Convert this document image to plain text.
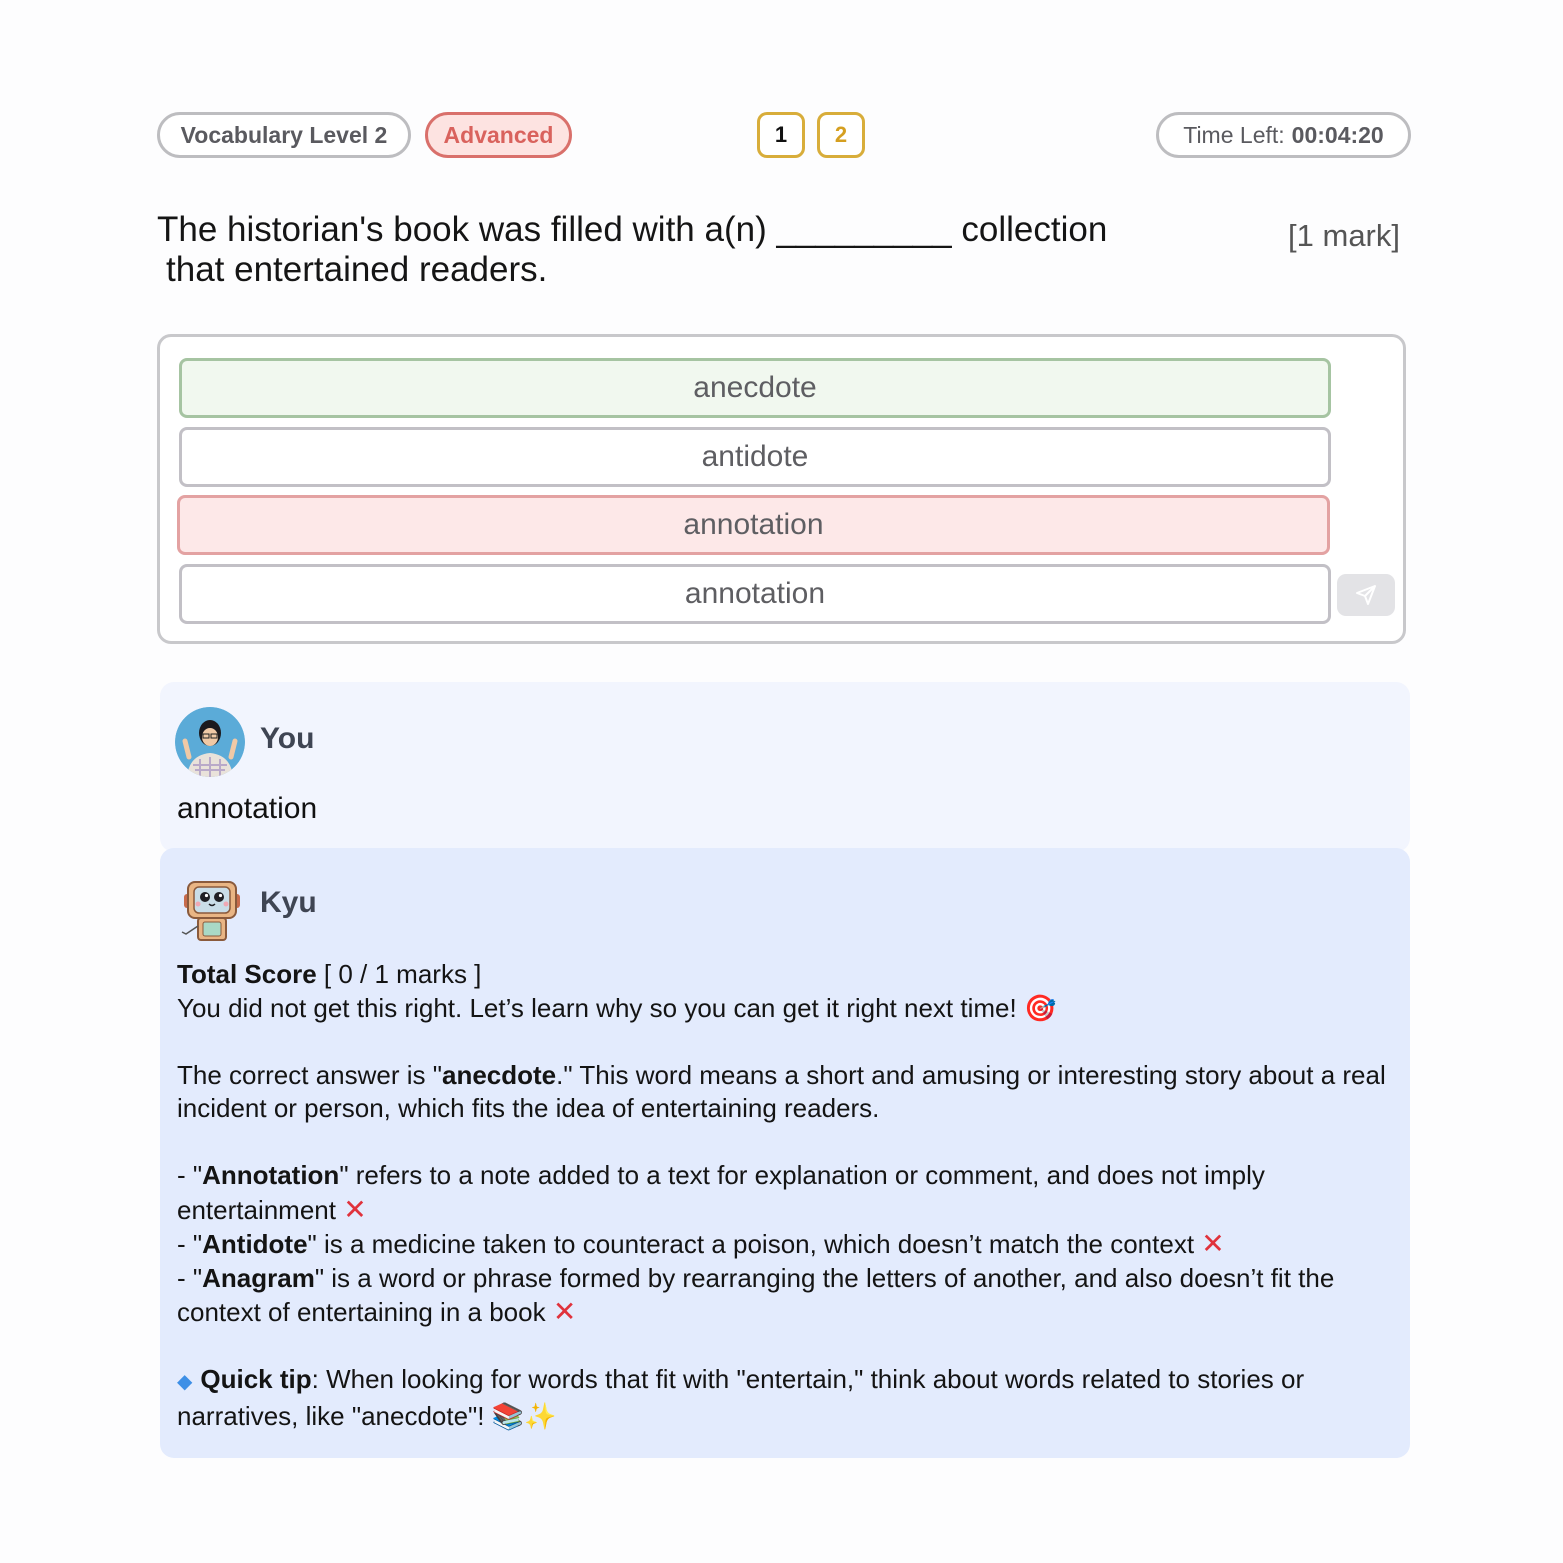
Vocabulary Level 2	Advanced	1	2	Time Left: 00:04:20
The historian's book was filled with a(n) _________ collection
that entertained readers.
[1 mark]
anecdote
antidote
annotation
annotation
You
annotation
Kyu

Total Score [ 0 / 1 marks ]

You did not get this right. Let’s learn why so you can get it right next time! 🎯

The correct answer is "anecdote." This word means a short and amusing or interesting story about a real incident or person, which fits the idea of entertaining readers.

- "Annotation" refers to a note added to a text for explanation or comment, and does not imply entertainment ✕

- "Antidote" is a medicine taken to counteract a poison, which doesn’t match the context ✕

- "Anagram" is a word or phrase formed by rearranging the letters of another, and also doesn’t fit the context of entertaining in a book ✕

◆ Quick tip: When looking for words that fit with "entertain," think about words related to stories or narratives, like "anecdote"! 📚✨
